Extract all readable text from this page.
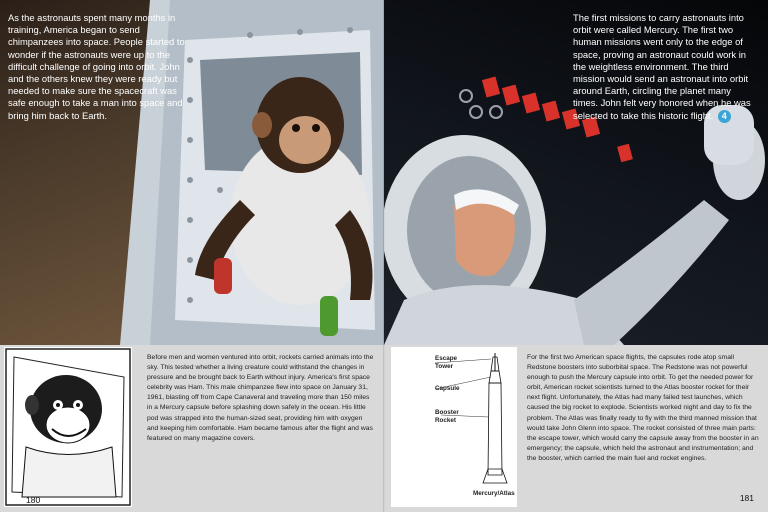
As the astronauts spent many months in training, America began to send chimpanzees into space. People started to wonder if the astronauts were up to the difficult challenge of going into orbit. John and the others knew they were ready but needed to make sure the spacecraft was safe enough to take a man into space and bring him back to Earth.
180
Before men and women ventured into orbit, rockets carried animals into the sky. This tested whether a living creature could withstand the changes in pressure and be brought back to Earth without injury. America's first space celebrity was Ham. This male chimpanzee flew into space on January 31, 1961, blasting off from Cape Canaveral and traveling more than 150 miles in a Mercury capsule before splashing down safely in the ocean. His little pod was strapped into the human-sized seat, providing him with oxygen and keeping him comfortable. Ham became famous after the flight and was featured on many magazine covers.
The first missions to carry astronauts into orbit were called Mercury. The first two human missions went only to the edge of space, proving an astronaut could work in the weightless environment. The third mission would send an astronaut into orbit around Earth, circling the planet many times. John felt very honored when he was selected to take this historic flight. 4
Escape Tower
Capsule
Booster Rocket
Mercury/Atlas
For the first two American space flights, the capsules rode atop small Redstone boosters into suborbital space. The Redstone was not powerful enough to push the Mercury capsule into orbit. To get the needed power for orbit, American rocket scientists turned to the Atlas booster rocket for their next flight. Unfortunately, the Atlas had many failed test launches, which caused the big rocket to explode. Scientists worked night and day to fix the problem. The Atlas was finally ready to fly with the third manned mission that would take John Glenn into space. The rocket consisted of three main parts: the escape tower, which would carry the capsule away from the booster in an emergency; the capsule, which held the astronaut and instrumentation; and the booster, which carried the main fuel and rocket engines.
181
